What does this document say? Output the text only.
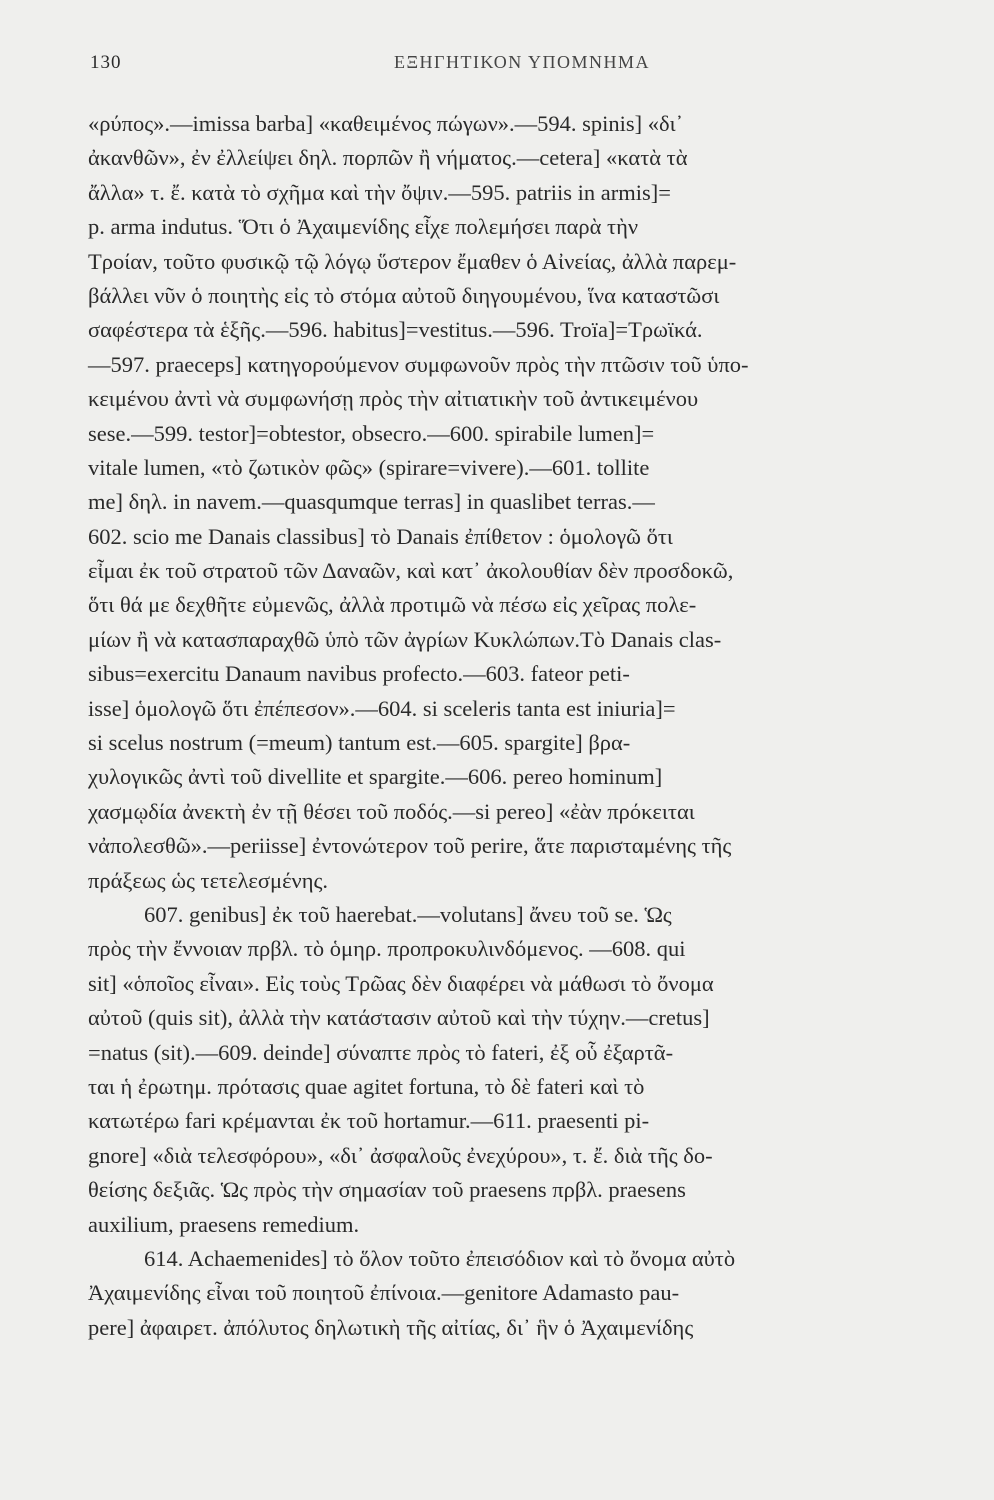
130	ΕΞΗΓΗΤΙΚΟΝ ΥΠΟΜΝΗΜΑ
«ρύπος».—imissa barba] «καθειμένος πώγων».—594. spinis] «δι᾽
ἀκανθῶν», ἐν ἐλλείψει δηλ. πορπῶν ἢ νήματος.—cetera] «κατὰ τὰ
ἄλλα» τ. ἔ. κατὰ τὸ σχῆμα καὶ τὴν ὄψιν.—595. patriis in armis]=
p. arma indutus. Ὅτι ὁ Ἀχαιμενίδης εἶχε πολεμήσει παρὰ τὴν
Τροίαν, τοῦτο φυσικῷ τῷ λόγῳ ὕστερον ἔμαθεν ὁ Αἰνείας, ἀλλὰ παρεμ-
βάλλει νῦν ὁ ποιητὴς εἰς τὸ στόμα αὐτοῦ διηγουμένου, ἵνα καταστῶσι
σαφέστερα τὰ ἑξῆς.—596. habitus]=vestitus.—596. Troïa]=Τρωϊκά.
—597. praeceps] κατηγορούμενον συμφωνοῦν πρὸς τὴν πτῶσιν τοῦ ὑπο-
κειμένου ἀντὶ νὰ συμφωνήσῃ πρὸς τὴν αἰτιατικὴν τοῦ ἀντικειμένου
sese.—599. testor]=obtestor, obsecro.—600. spirabile lumen]=
vitale lumen, «τὸ ζωτικὸν φῶς» (spirare=vivere).—601. tollite
me] δηλ. in navem.—quasqumque terras] in quaslibet terras.—
602. scio me Danais classibus] τὸ Danais ἐπίθετον : ὁμολογῶ ὅτι
εἶμαι ἐκ τοῦ στρατοῦ τῶν Δαναῶν, καὶ κατ᾽ ἀκολουθίαν δὲν προσδοκῶ,
ὅτι θά με δεχθῆτε εὐμενῶς, ἀλλὰ προτιμῶ νὰ πέσω εἰς χεῖρας πολε-
μίων ἢ νὰ κατασπαραχθῶ ὑπὸ τῶν ἀγρίων Κυκλώπων.Τὸ Danais clas-
sibus=exercitu Danaum navibus profecto.—603. fateor peti-
isse] ὁμολογῶ ὅτι ἐπέπεσον».—604. si sceleris tanta est iniuria]=
si scelus nostrum (=meum) tantum est.—605. spargite] βρα-
χυλογικῶς ἀντὶ τοῦ divellite et spargite.—606. pereo hominum]
χασμῳδία ἀνεκτὴ ἐν τῇ θέσει τοῦ ποδός.—si pereo] «ἐὰν πρόκειται
νἀπολεσθῶ».—periisse] ἐντονώτερον τοῦ perire, ἅτε παρισταμένης τῆς
πράξεως ὡς τετελεσμένης.
607. genibus] ἐκ τοῦ haerebat.—volutans] ἄνευ τοῦ se. Ὡς
πρὸς τὴν ἔννοιαν πρβλ. τὸ ὁμηρ. προπροκυλινδόμενος. —608. qui
sit] «ὁποῖος εἶναι». Εἰς τοὺς Τρῶας δὲν διαφέρει νὰ μάθωσι τὸ ὄνομα
αὐτοῦ (quis sit), ἀλλὰ τὴν κατάστασιν αὐτοῦ καὶ τὴν τύχην.—cretus]
=natus (sit).—609. deinde] σύναπτε πρὸς τὸ fateri, ἐξ οὗ ἐξαρτᾶ-
ται ἡ ἐρωτημ. πρότασις quae agitet fortuna, τὸ δὲ fateri καὶ τὸ
κατωτέρω fari κρέμανται ἐκ τοῦ hortamur.—611. praesenti pi-
gnore] «διὰ τελεσφόρου», «δι᾽ ἀσφαλοῦς ἐνεχύρου», τ. ἔ. διὰ τῆς δο-
θείσης δεξιᾶς. Ὡς πρὸς τὴν σημασίαν τοῦ praesens πρβλ. praesens
auxilium, praesens remedium.
614. Achaemenides] τὸ ὅλον τοῦτο ἐπεισόδιον καὶ τὸ ὄνομα αὐτὸ
Ἀχαιμενίδης εἶναι τοῦ ποιητοῦ ἐπίνοια.—genitore Adamasto pau-
pere] ἀφαιρετ. ἀπόλυτος δηλωτικὴ τῆς αἰτίας, δι᾽ ἣν ὁ Ἀχαιμενίδης
